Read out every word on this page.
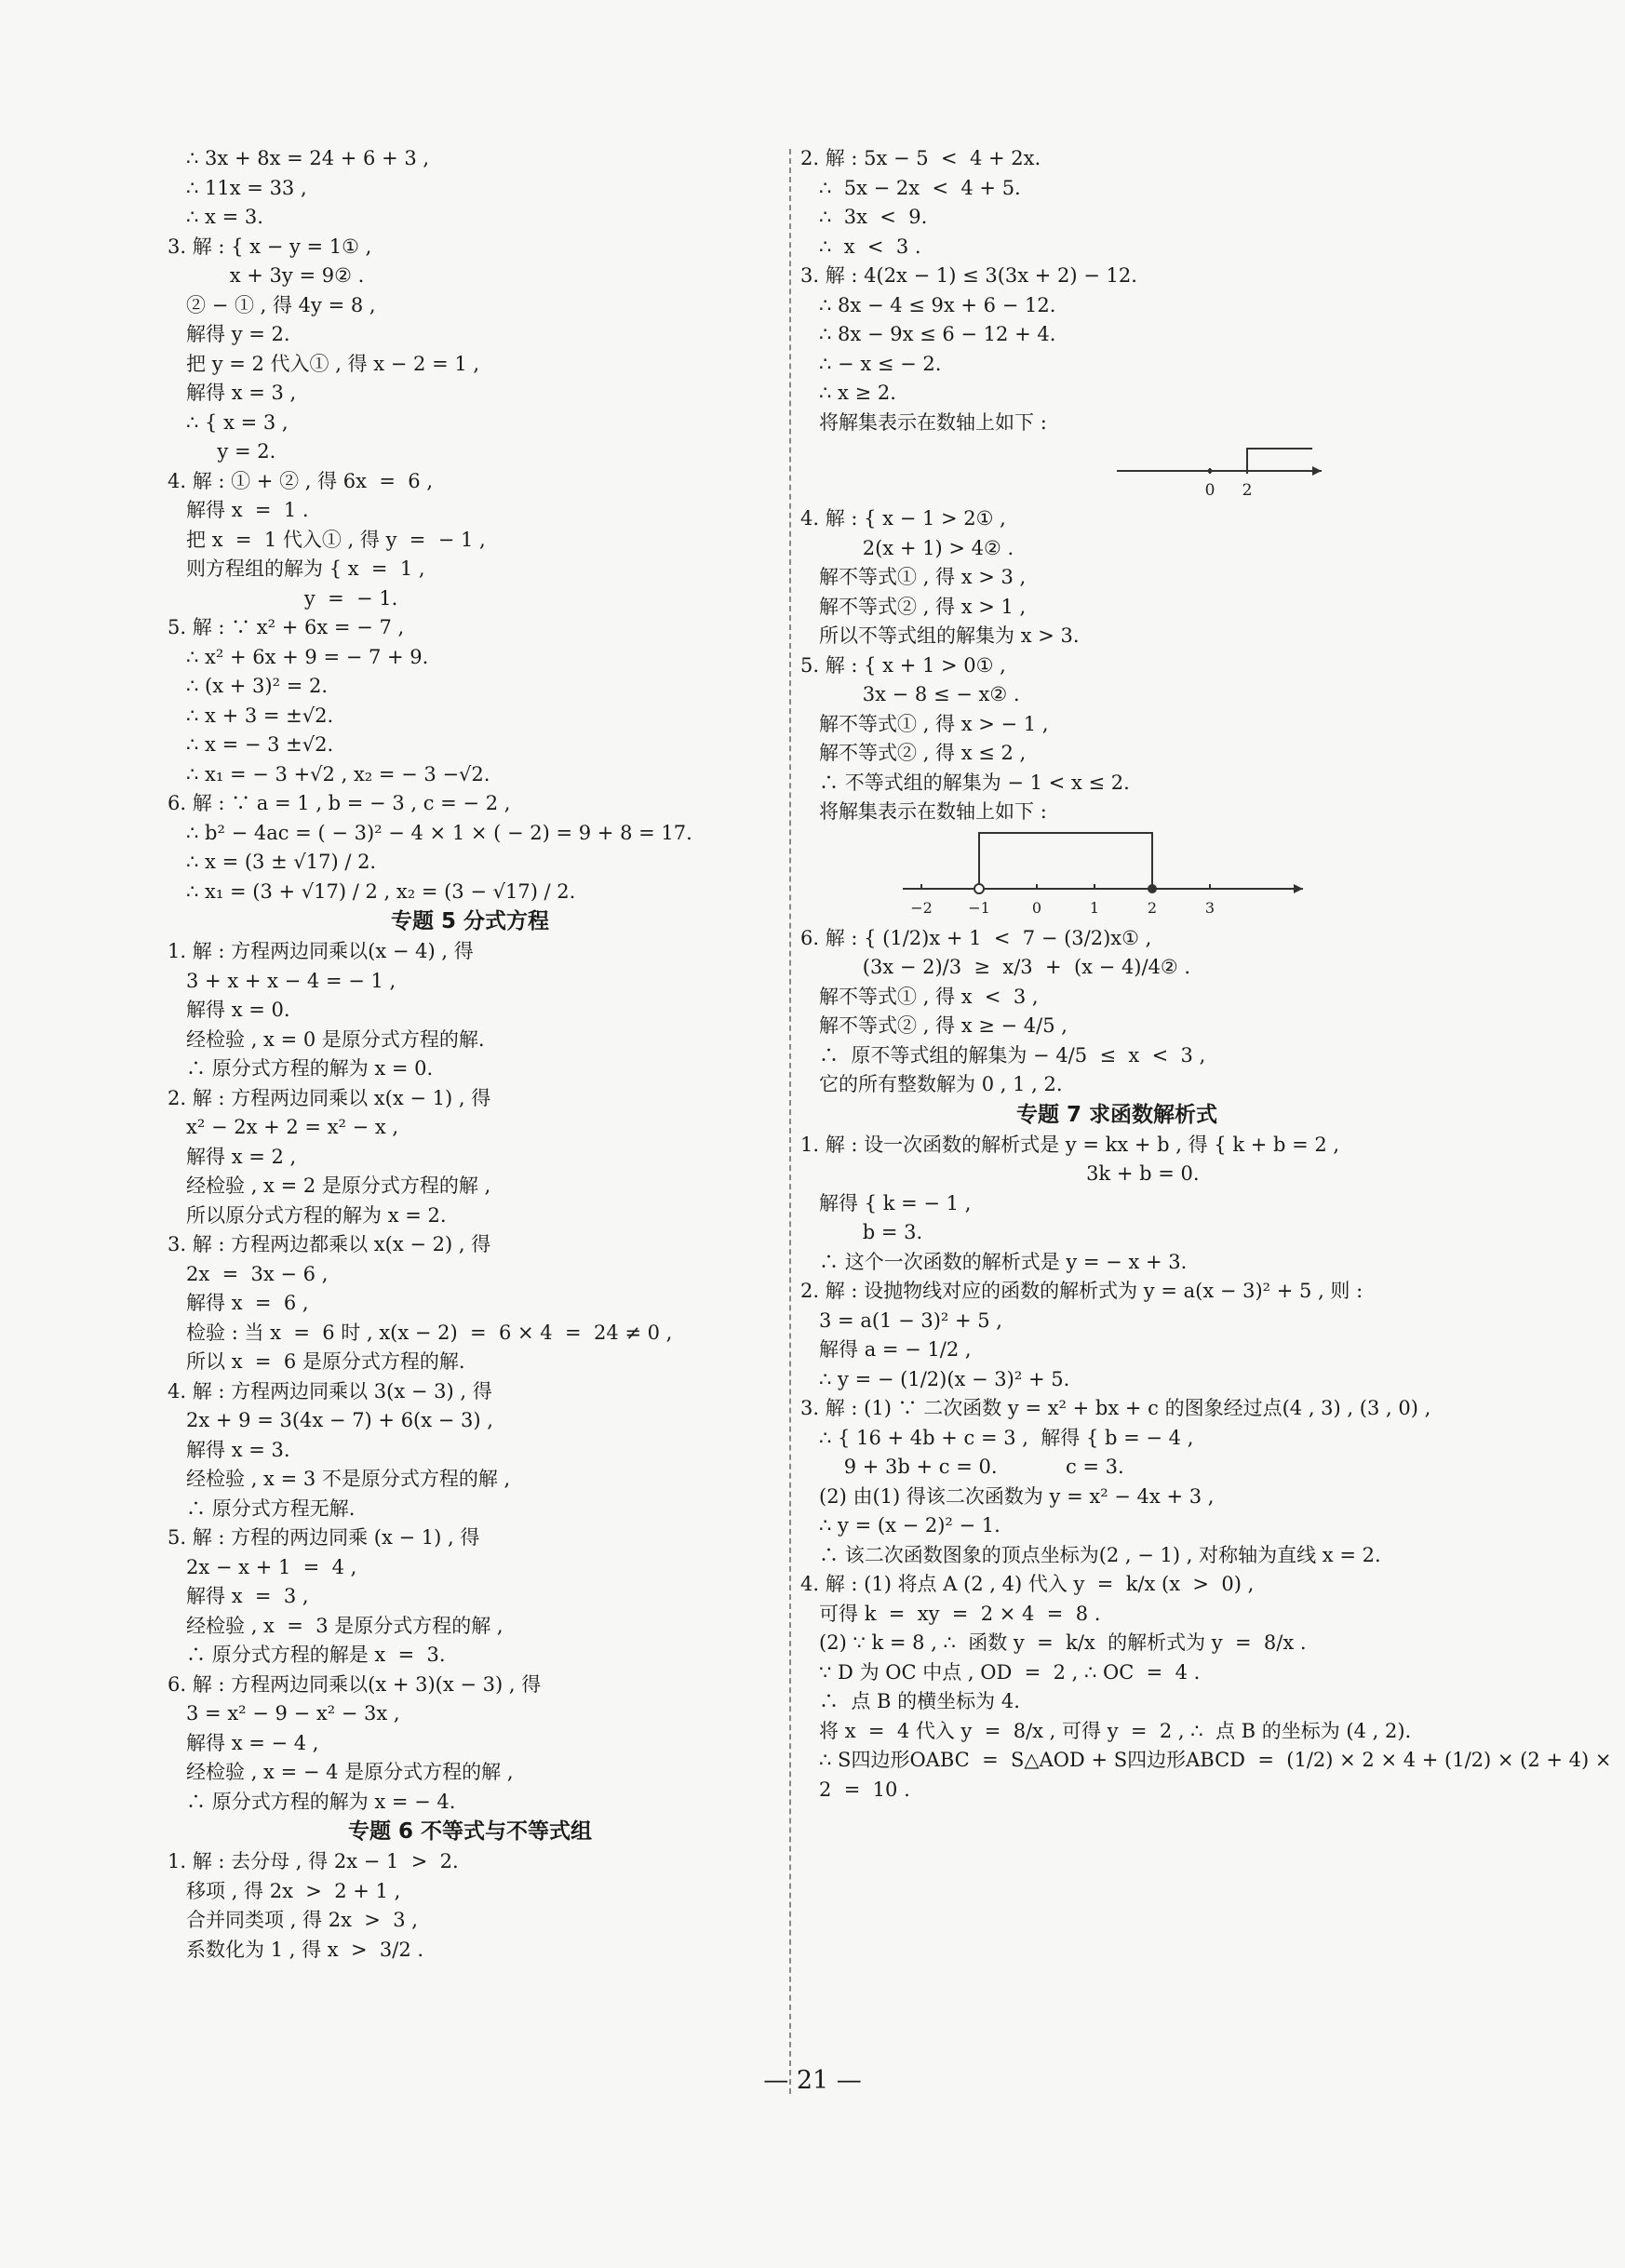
∴ 3x + 8x = 24 + 6 + 3 ,
∴ 11x = 33 ,
∴ x = 3.
3. 解 : { x − y = 1① ,
x + 3y = 9② .
② − ① , 得 4y = 8 ,
解得 y = 2.
把 y = 2 代入① , 得 x − 2 = 1 ,
解得 x = 3 ,
∴ { x = 3 ,
y = 2.
4. 解 : ① + ② , 得 6x  =  6 ,
解得 x  =  1 .
把 x  =  1 代入① , 得 y  =  − 1 ,
则方程组的解为 { x  =  1 ,
y  =  − 1.
5. 解 : ∵ x² + 6x = − 7 ,
∴ x² + 6x + 9 = − 7 + 9.
∴ (x + 3)² = 2.
∴ x + 3 = ±√2.
∴ x = − 3 ±√2.
∴ x₁ = − 3 +√2 , x₂ = − 3 −√2.
6. 解 : ∵ a = 1 , b = − 3 , c = − 2 ,
∴ b² − 4ac = ( − 3)² − 4 × 1 × ( − 2) = 9 + 8 = 17.
∴ x = (3 ± √17) / 2.
∴ x₁ = (3 + √17) / 2 , x₂ = (3 − √17) / 2.
专题 5 分式方程
1. 解 : 方程两边同乘以(x − 4) , 得
3 + x + x − 4 = − 1 ,
解得 x = 0.
经检验 , x = 0 是原分式方程的解.
∴ 原分式方程的解为 x = 0.
2. 解 : 方程两边同乘以 x(x − 1) , 得
x² − 2x + 2 = x² − x ,
解得 x = 2 ,
经检验 , x = 2 是原分式方程的解 ,
所以原分式方程的解为 x = 2.
3. 解 : 方程两边都乘以 x(x − 2) , 得
2x  =  3x − 6 ,
解得 x  =  6 ,
检验 : 当 x  =  6 时 , x(x − 2)  =  6 × 4  =  24 ≠ 0 ,
所以 x  =  6 是原分式方程的解.
4. 解 : 方程两边同乘以 3(x − 3) , 得
2x + 9 = 3(4x − 7) + 6(x − 3) ,
解得 x = 3.
经检验 , x = 3 不是原分式方程的解 ,
∴ 原分式方程无解.
5. 解 : 方程的两边同乘 (x − 1) , 得
2x − x + 1  =  4 ,
解得 x  =  3 ,
经检验 , x  =  3 是原分式方程的解 ,
∴ 原分式方程的解是 x  =  3.
6. 解 : 方程两边同乘以(x + 3)(x − 3) , 得
3 = x² − 9 − x² − 3x ,
解得 x = − 4 ,
经检验 , x = − 4 是原分式方程的解 ,
∴ 原分式方程的解为 x = − 4.
专题 6 不等式与不等式组
1. 解 : 去分母 , 得 2x − 1  >  2.
移项 , 得 2x  >  2 + 1 ,
合并同类项 , 得 2x  >  3 ,
系数化为 1 , 得 x  >  3/2 .
2. 解 : 5x − 5  <  4 + 2x.
∴  5x − 2x  <  4 + 5.
∴  3x  <  9.
∴  x  <  3 .
3. 解 : 4(2x − 1) ≤ 3(3x + 2) − 12.
∴ 8x − 4 ≤ 9x + 6 − 12.
∴ 8x − 9x ≤ 6 − 12 + 4.
∴ − x ≤ − 2.
∴ x ≥ 2.
将解集表示在数轴上如下 :
0 2
4. 解 : { x − 1 > 2① ,
2(x + 1) > 4② .
解不等式① , 得 x > 3 ,
解不等式② , 得 x > 1 ,
所以不等式组的解集为 x > 3.
5. 解 : { x + 1 > 0① ,
3x − 8 ≤ − x② .
解不等式① , 得 x > − 1 ,
解不等式② , 得 x ≤ 2 ,
∴ 不等式组的解集为 − 1 < x ≤ 2.
将解集表示在数轴上如下 :
−2 −1	0	1	2	3
6. 解 : { (1/2)x + 1  <  7 − (3/2)x① ,
(3x − 2)/3  ≥  x/3  +  (x − 4)/4② .
解不等式① , 得 x  <  3 ,
解不等式② , 得 x ≥ − 4/5 ,
∴  原不等式组的解集为 − 4/5  ≤  x  <  3 ,
它的所有整数解为 0 , 1 , 2.
专题 7 求函数解析式
1. 解 : 设一次函数的解析式是 y = kx + b , 得 { k + b = 2 ,
3k + b = 0.
解得 { k = − 1 ,
b = 3.
∴ 这个一次函数的解析式是 y = − x + 3.
2. 解 : 设抛物线对应的函数的解析式为 y = a(x − 3)² + 5 , 则 :
3 = a(1 − 3)² + 5 ,
解得 a = − 1/2 ,
∴ y = − (1/2)(x − 3)² + 5.
3. 解 : (1) ∵ 二次函数 y = x² + bx + c 的图象经过点(4 , 3) , (3 , 0) ,
∴ { 16 + 4b + c = 3 ,  解得 { b = − 4 ,
9 + 3b + c = 0.           c = 3.
(2) 由(1) 得该二次函数为 y = x² − 4x + 3 ,
∴ y = (x − 2)² − 1.
∴ 该二次函数图象的顶点坐标为(2 , − 1) , 对称轴为直线 x = 2.
4. 解 : (1) 将点 A (2 , 4) 代入 y  =  k/x (x  >  0) ,
可得 k  =  xy  =  2 × 4  =  8 .
(2) ∵ k = 8 , ∴  函数 y  =  k/x  的解析式为 y  =  8/x .
∵ D 为 OC 中点 , OD  =  2 , ∴ OC  =  4 .
∴  点 B 的横坐标为 4.
将 x  =  4 代入 y  =  8/x , 可得 y  =  2 , ∴  点 B 的坐标为 (4 , 2).
∴ S四边形OABC  =  S△AOD + S四边形ABCD  =  (1/2) × 2 × 4 + (1/2) × (2 + 4) ×
2  =  10 .
— 21 —
